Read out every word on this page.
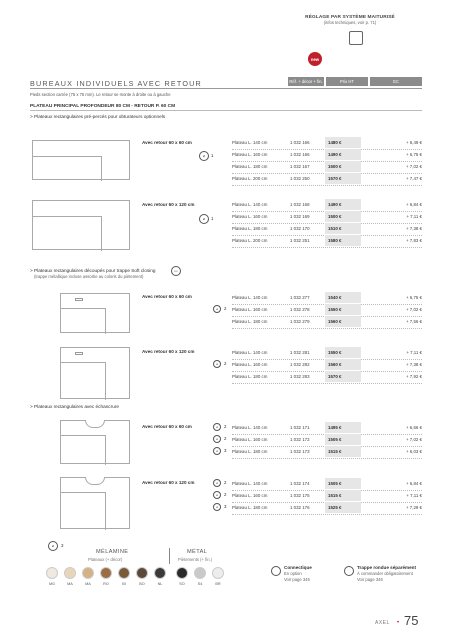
RÉGLAGE PAR SYSTÈME MAITURISÉ
(infos techniques, voir p. 71)
new
BUREAUX INDIVIDUELS AVEC RETOUR	Réf. + décor + fin.	Prix HT	EC
Pieds section carrée (75 x 75 mm). Le retour se monte à droite ou à gauche
PLATEAU PRINCIPAL PROFONDEUR 80 CM - RETOUR P. 60 CM
> Plateaux rectangulaires pré-percés pour obturateurs optionnels
Avec retour 60 x 60 cm
⌀	1
Plateau L. 140 cm	1 032 166	1480 €	+ 6,49 €
Plateau L. 160 cm	1 032 166	1490 €	+ 6,75 €
Plateau L. 180 cm	1 032 167	1500 €	+ 7,02 €
Plateau L. 200 cm	1 032 250	1570 €	+ 7,47 €
Avec retour 60 x 120 cm
⌀	1
Plateau L. 140 cm	1 032 168	1490 €	+ 6,84 €
Plateau L. 160 cm	1 032 169	1500 €	+ 7,11 €
Plateau L. 180 cm	1 032 170	1510 €	+ 7,38 €
Plateau L. 200 cm	1 032 251	1580 €	+ 7,83 €
> Plateaux rectangulaires découpés pour trappe Soft closing
(trappe métallique incluse assortie au coloris du piètement)
▭
Avec retour 60 x 60 cm
⌀	2
Plateau L. 140 cm	1 032 277	1540 €	+ 6,75 €
Plateau L. 160 cm	1 032 278	1550 €	+ 7,02 €
Plateau L. 180 cm	1 032 279	1560 €	+ 7,56 €
Avec retour 60 x 120 cm
⌀	2
Plateau L. 140 cm	1 032 281	1550 €	+ 7,11 €
Plateau L. 160 cm	1 032 282	1560 €	+ 7,38 €
Plateau L. 180 cm	1 032 283	1570 €	+ 7,92 €
> Plateaux rectangulaires avec échancrure
Avec retour 60 x 60 cm	⌀	2
⌀	2
⌀	3
Plateau L. 140 cm	1 032 171	1495 €	+ 6,66 €
Plateau L. 160 cm	1 032 172	1505 €	+ 7,02 €
Plateau L. 180 cm	1 032 173	1515 €	+ 6,03 €
Avec retour 60 x 120 cm	⌀	2
⌀	2
⌀	3
Plateau L. 140 cm	1 032 174	1505 €	+ 6,84 €
Plateau L. 160 cm	1 032 175	1515 €	+ 7,11 €
Plateau L. 180 cm	1 032 176	1525 €	+ 7,29 €
⌀	3
MÉLAMINE
Plateaux (+ décor)
MÉTAL
Piètements (+ fin.)
MG	MA	MA	RO	BI	BO	NL	SO	S4	BR
Connectique
En option
Voir page 345
Trappe rondue séparément
À commander obligatoirement
Voir page 346
AXEL • 75
